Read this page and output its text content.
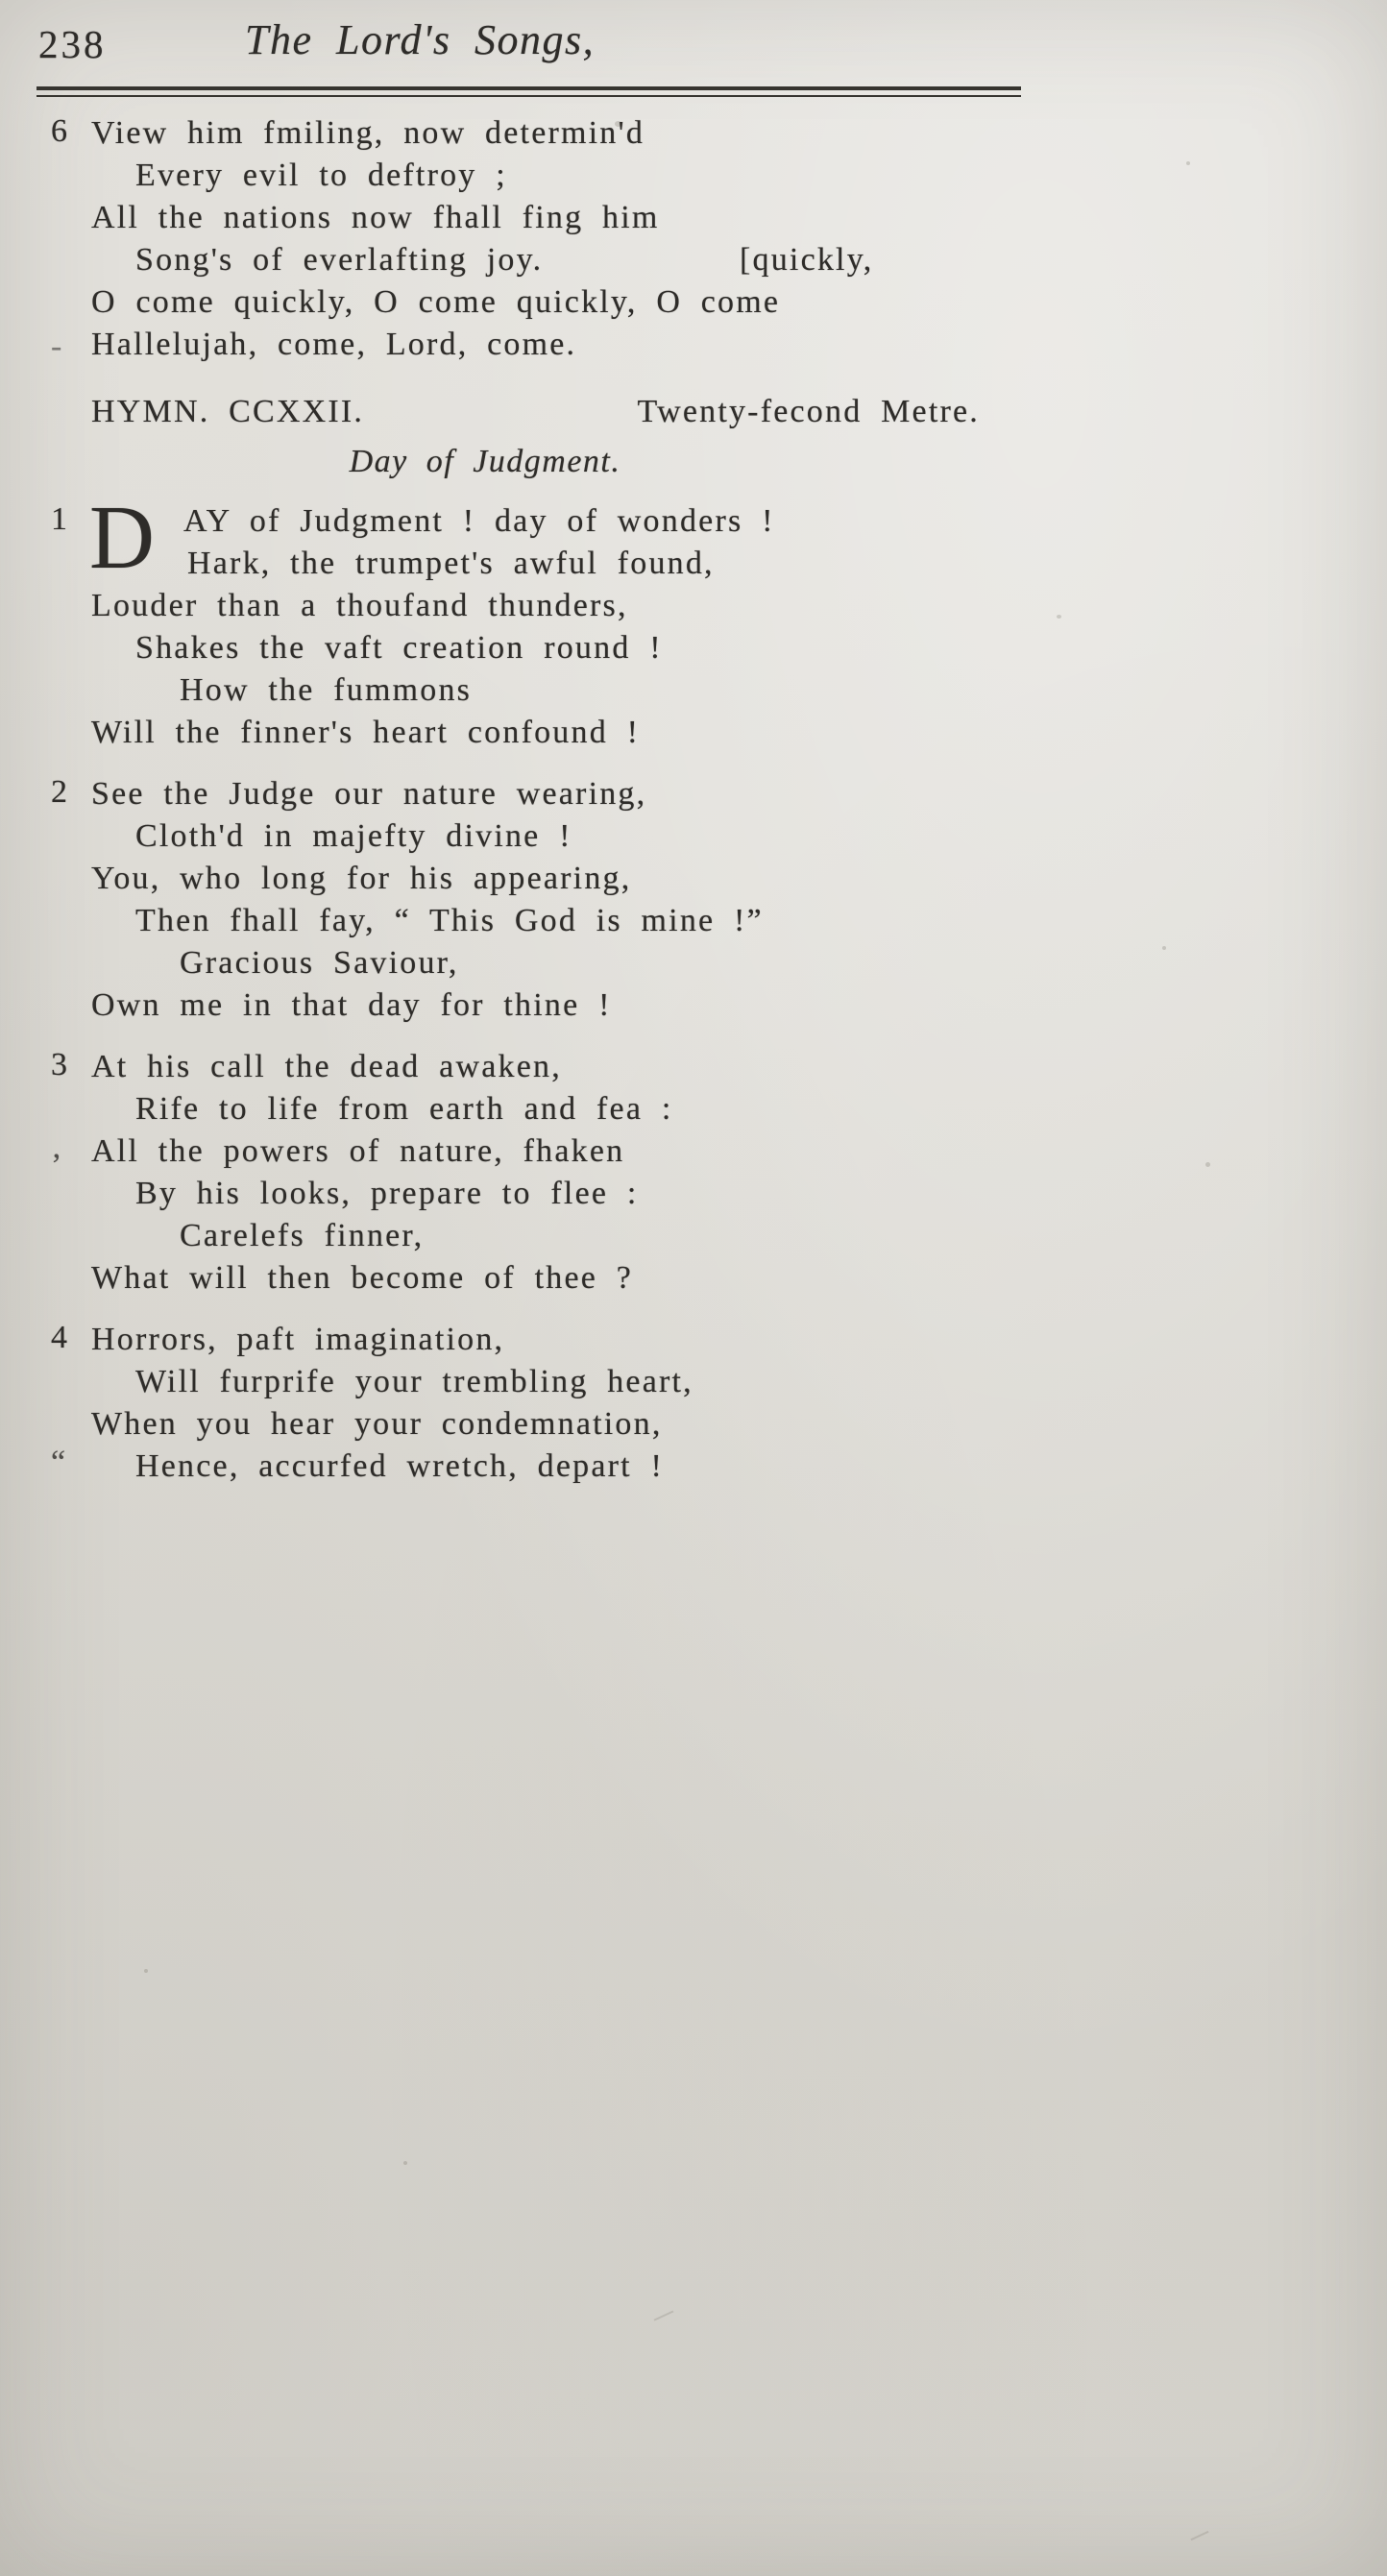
238	The Lord's Songs,
6 View him fmiling, now determin'd
Every evil to deftroy ;
All the nations now fhall fing him
Song's of everlafting joy.	[quickly,
O come quickly, O come quickly, O come
- Hallelujah, come, Lord, come.
HYMN. CCXXII.	Twenty-fecond Metre.
Day of Judgment.
1 D AY of Judgment ! day of wonders !
Hark, the trumpet's awful found,
Louder than a thoufand thunders,
Shakes the vaft creation round !
How the fummons
Will the finner's heart confound !
2 See the Judge our nature wearing,
Cloth'd in majefty divine !
You, who long for his appearing,
Then fhall fay, “ This God is mine !”
Gracious Saviour,
Own me in that day for thine !
3 At his call the dead awaken,
Rife to life from earth and fea :
‚ All the powers of nature, fhaken
By his looks, prepare to flee :
Carelefs finner,
What will then become of thee ?
4 Horrors, paft imagination,
Will furprife your trembling heart,
When you hear your condemnation,
“ Hence, accurfed wretch, depart !
